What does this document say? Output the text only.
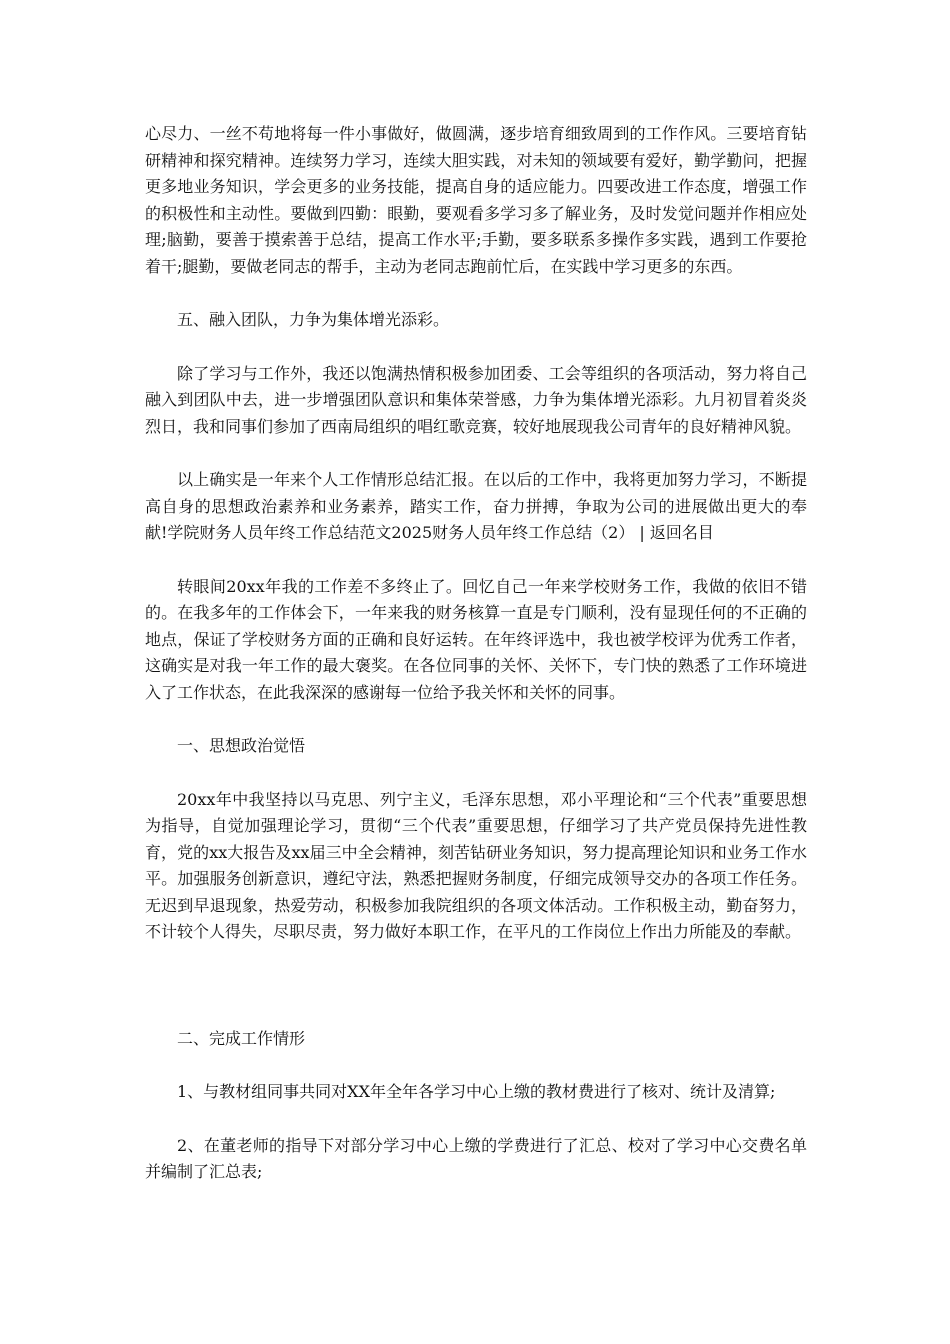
心尽力、一丝不苟地将每一件小事做好，做圆满，逐步培育细致周到的工作作风。三要培育钻研精神和探究精神。连续努力学习，连续大胆实践，对未知的领域要有爱好，勤学勤问，把握更多地业务知识，学会更多的业务技能，提高自身的适应能力。四要改进工作态度，增强工作的积极性和主动性。要做到四勤：眼勤，要观看多学习多了解业务，及时发觉问题并作相应处理;脑勤，要善于摸索善于总结，提高工作水平;手勤，要多联系多操作多实践，遇到工作要抢着干;腿勤，要做老同志的帮手，主动为老同志跑前忙后，在实践中学习更多的东西。

五、融入团队，力争为集体增光添彩。

除了学习与工作外，我还以饱满热情积极参加团委、工会等组织的各项活动，努力将自己融入到团队中去，进一步增强团队意识和集体荣誉感，力争为集体增光添彩。九月初冒着炎炎烈日，我和同事们参加了西南局组织的唱红歌竞赛，较好地展现我公司青年的良好精神风貌。

以上确实是一年来个人工作情形总结汇报。在以后的工作中，我将更加努力学习，不断提高自身的思想政治素养和业务素养，踏实工作，奋力拼搏，争取为公司的进展做出更大的奉献!学院财务人员年终工作总结范文2025财务人员年终工作总结（2） | 返回名目

转眼间20xx年我的工作差不多终止了。回忆自己一年来学校财务工作，我做的依旧不错的。在我多年的工作体会下，一年来我的财务核算一直是专门顺利，没有显现任何的不正确的地点，保证了学校财务方面的正确和良好运转。在年终评选中，我也被学校评为优秀工作者，这确实是对我一年工作的最大褒奖。在各位同事的关怀、关怀下，专门快的熟悉了工作环境进入了工作状态，在此我深深的感谢每一位给予我关怀和关怀的同事。

一、思想政治觉悟

20xx年中我坚持以马克思、列宁主义，毛泽东思想，邓小平理论和“三个代表”重要思想为指导，自觉加强理论学习，贯彻“三个代表”重要思想，仔细学习了共产党员保持先进性教育，党的xx大报告及xx届三中全会精神，刻苦钻研业务知识，努力提高理论知识和业务工作水平。加强服务创新意识，遵纪守法，熟悉把握财务制度，仔细完成领导交办的各项工作任务。无迟到早退现象，热爱劳动，积极参加我院组织的各项文体活动。工作积极主动，勤奋努力，不计较个人得失，尽职尽责，努力做好本职工作，在平凡的工作岗位上作出力所能及的奉献。

二、完成工作情形

1、与教材组同事共同对XX年全年各学习中心上缴的教材费进行了核对、统计及清算;

2、在董老师的指导下对部分学习中心上缴的学费进行了汇总、校对了学习中心交费名单并编制了汇总表;
